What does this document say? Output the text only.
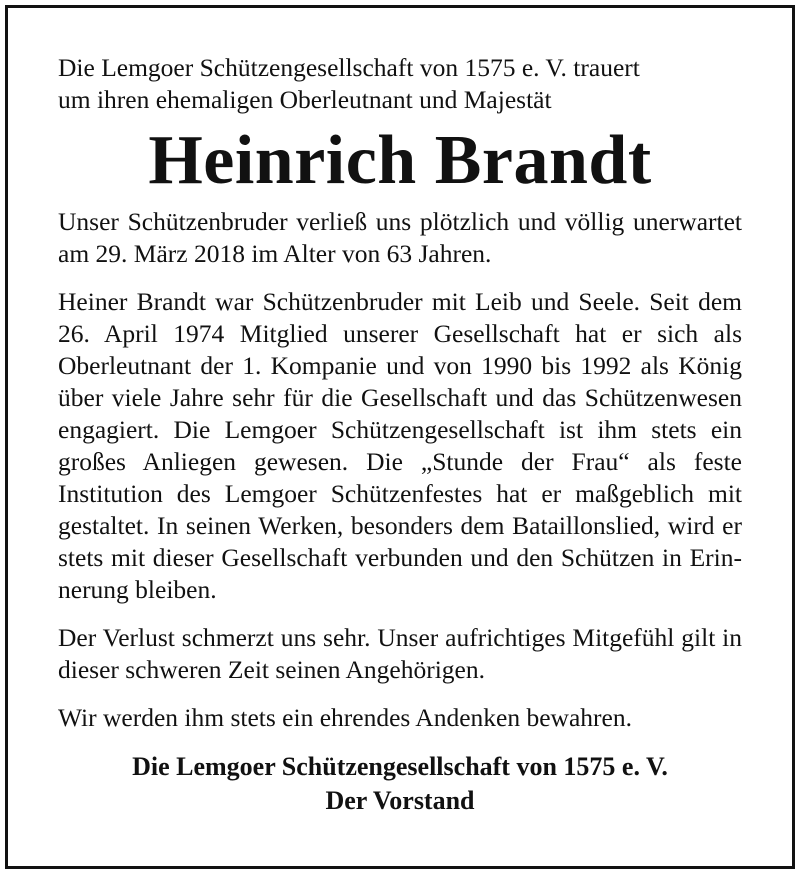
Die Lemgoer Schützengesellschaft von 1575 e. V. trauert

um ihren ehemaligen Oberleutnant und Majestät

Heinrich Brandt

Unser Schützenbruder verließ uns plötzlich und völlig unerwartet am 29. März 2018 im Alter von 63 Jahren.

Heiner Brandt war Schützenbruder mit Leib und Seele. Seit dem 26. April 1974 Mitglied unserer Gesellschaft hat er sich als Oberleutnant der 1. Kompanie und von 1990 bis 1992 als König über viele Jahre sehr für die Gesellschaft und das Schützenwesen engagiert. Die Lemgoer Schützengesellschaft ist ihm stets ein großes Anliegen gewesen. Die „Stunde der Frau“ als feste Institution des Lemgoer Schützenfestes hat er maßgeblich mit gestaltet. In seinen Werken, besonders dem Bataillonslied, wird er stets mit dieser Gesellschaft verbunden und den Schützen in Erinnerung bleiben.

Der Verlust schmerzt uns sehr. Unser aufrichtiges Mitgefühl gilt in dieser schweren Zeit seinen Angehörigen.

Wir werden ihm stets ein ehrendes Andenken bewahren.

Die Lemgoer Schützengesellschaft von 1575 e. V.
Der Vorstand
